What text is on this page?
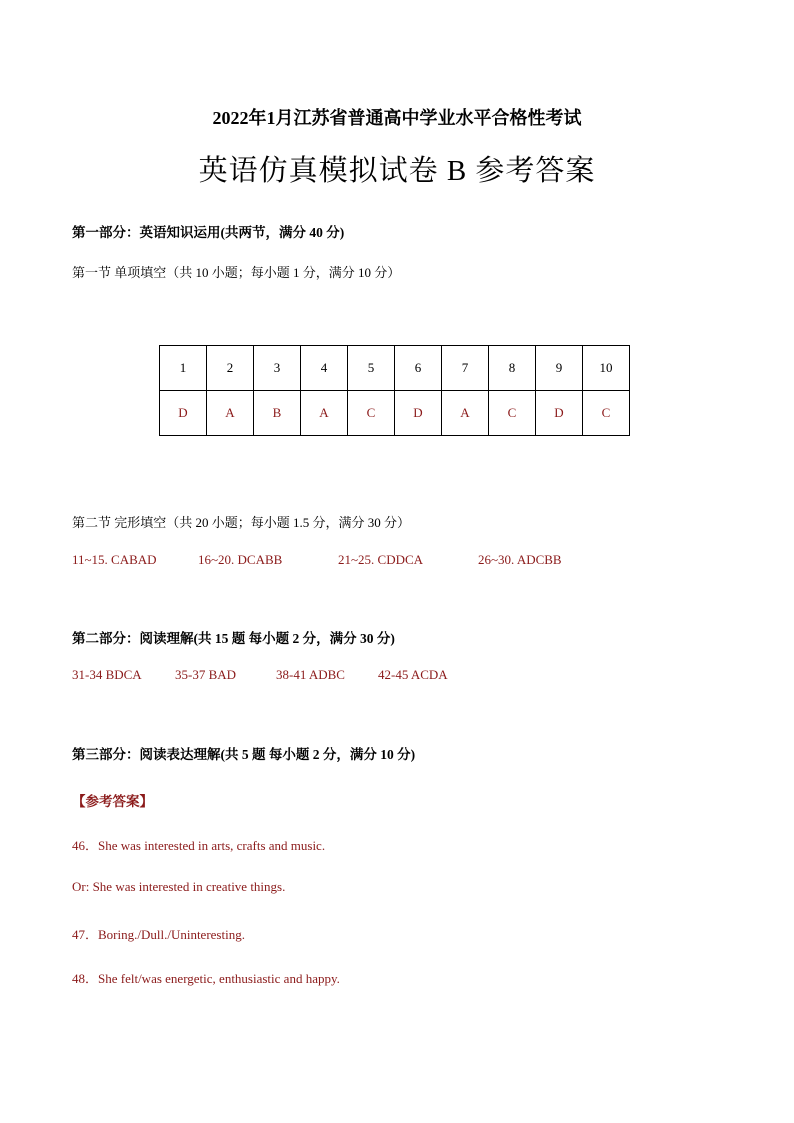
2022年1月江苏省普通高中学业水平合格性考试
英语仿真模拟试卷 B 参考答案
第一部分：英语知识运用(共两节，满分 40 分)
第一节 单项填空（共 10 小题；每小题 1 分，满分 10 分）
1	2	3	4	5	6	7	8	9	10
D	A	B	A	C	D	A	C	D	C
第二节 完形填空（共 20 小题；每小题 1.5 分，满分 30 分）
11~15. CABAD	16~20. DCABB	21~25. CDDCA	26~30. ADCBB
第二部分：阅读理解(共 15 题 每小题 2 分，满分 30 分)
31-34 BDCA	35-37 BAD	38-41 ADBC	42-45 ACDA
第三部分：阅读表达理解(共 5 题 每小题 2 分，满分 10 分)
【参考答案】
46．She was interested in arts, crafts and music.
Or: She was interested in creative things.
47．Boring./Dull./Uninteresting.
48．She felt/was energetic, enthusiastic and happy.
